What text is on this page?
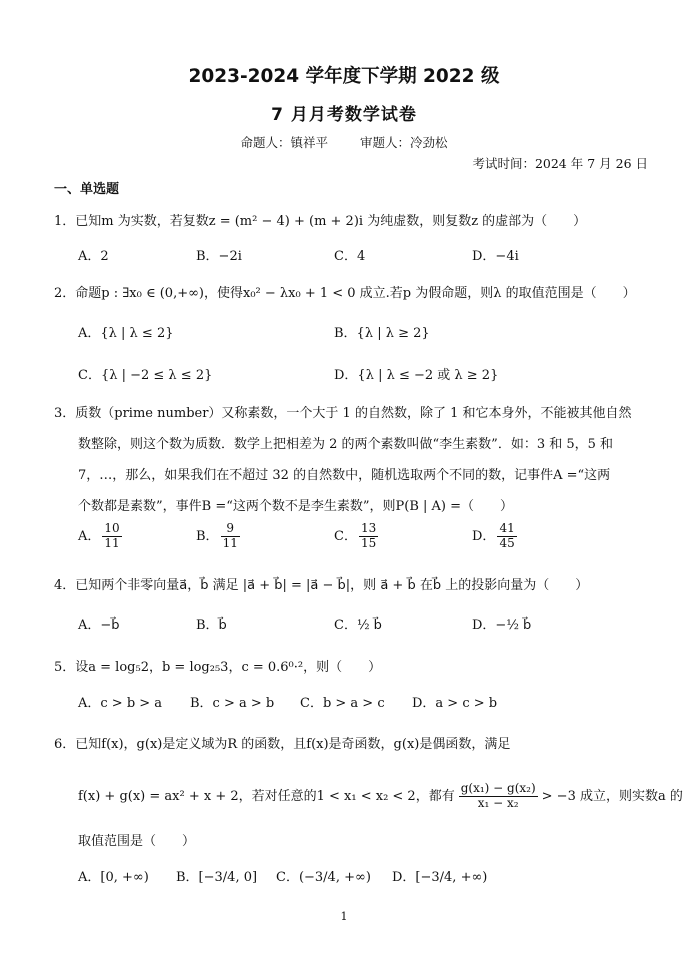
2023-2024 学年度下学期 2022 级
7 月月考数学试卷
命题人：镇祥平	审题人：冷劲松
考试时间：2024 年 7 月 26 日
一、单选题
1．已知m 为实数，若复数z = (m² − 4) + (m + 2)i 为纯虚数，则复数z 的虚部为（　　）
A．2	B．−2i	C．4	D．−4i
2．命题p : ∃x₀ ∈ (0,+∞)，使得x₀² − λx₀ + 1 < 0 成立.若p 为假命题，则λ 的取值范围是（　　）
A．{λ | λ ≤ 2}	B．{λ | λ ≥ 2}
C．{λ | −2 ≤ λ ≤ 2}	D．{λ | λ ≤ −2 或 λ ≥ 2}
3．质数（prime number）又称素数，一个大于 1 的自然数，除了 1 和它本身外，不能被其他自然
数整除，则这个数为质数．数学上把相差为 2 的两个素数叫做“李生素数”．如：3 和 5，5 和
7，…，那么，如果我们在不超过 32 的自然数中，随机选取两个不同的数，记事件A =“这两
个数都是素数”，事件B =“这两个数不是李生素数”，则P(B | A) =（　　）
A． $\frac{10}{11}$	B． $\frac{9}{11}$	C． $\frac{13}{15}$	D． $\frac{41}{45}$
4．已知两个非零向量a⃗，b⃗ 满足 |a⃗ + b⃗| = |a⃗ − b⃗|，则 a⃗ + b⃗ 在b⃗ 上的投影向量为（　　）
A．−b⃗	B．b⃗	C．½ b⃗	D．−½ b⃗
5．设a = log₅2，b = log₂₅3，c = 0.6⁰·²，则（　　）
A．c > b > a B．c > a > b C．b > a > c D．a > c > b
6．已知f(x)，g(x)是定义域为R 的函数，且f(x)是奇函数，g(x)是偶函数，满足
f(x) + g(x) = ax² + x + 2，若对任意的1 < x₁ < x₂ < 2，都有 $\frac{\text{g(x₁) − g(x₂)}}{\text{x₁ − x₂}} > -3$ 成立，则实数a 的
取值范围是（　　）
A．[0, +∞) B．[−3/4, 0] C．(−3/4, +∞) D．[−3/4, +∞)
1
